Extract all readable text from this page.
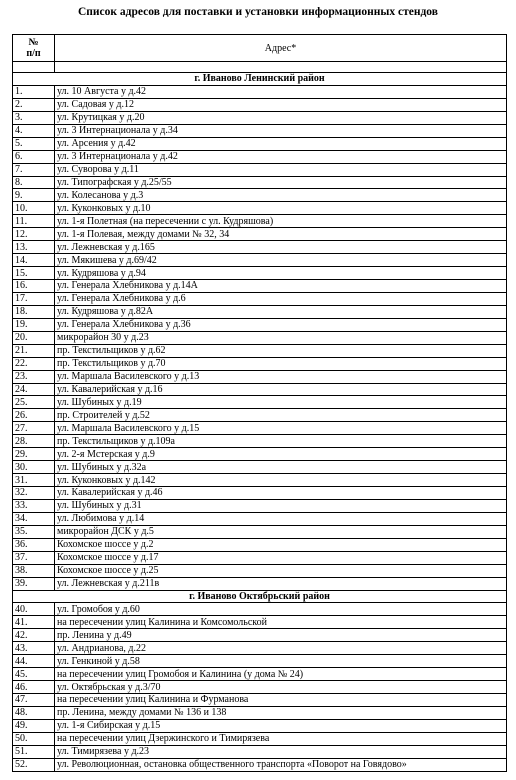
Список адресов для поставки и установки информационных стендов
№
п/п	Адрес*

г. Иваново Ленинский район	
1.	ул. 10 Августа у д.42
2.	ул. Садовая у д.12
3.	ул. Крутицкая у д.20
4.	ул. 3 Интернационала у д.34
5.	ул. Арсения у д.42
6.	ул. 3 Интернационала у д.42
7.	ул. Суворова у д.11
8.	ул. Типографская у д.25/55
9.	ул. Колесанова у д.3
10.	ул. Куконковых у д.10
11.	ул. 1-я Полетная (на пересечении с ул. Кудряшова)
12.	ул. 1-я Полевая, между домами № 32, 34
13.	ул. Лежневская у д.165
14.	ул. Мякишева у д.69/42
15.	ул. Кудряшова у д.94
16.	ул. Генерала Хлебникова у д.14А
17.	ул. Генерала Хлебникова у д.6
18.	ул. Кудряшова у д.82А
19.	ул. Генерала Хлебникова у д.36
20.	микрорайон 30 у д.23
21.	пр. Текстильщиков у д.62
22.	пр. Текстильщиков у д.70
23.	ул. Маршала Василевского у д.13
24.	ул. Кавалерийская у д.16
25.	ул. Шубиных у д.19
26.	пр. Строителей у д.52
27.	ул. Маршала Василевского у д.15
28.	пр. Текстильщиков у д.109а
29.	ул. 2-я Мстерская у д.9
30.	ул. Шубиных у д.32а
31.	ул. Куконковых у д.142
32.	ул. Кавалерийская у д.46
33.	ул. Шубиных у д.31
34.	ул. Любимова у д.14
35.	микрорайон ДСК у д.5
36.	Кохомское шоссе у д.2
37.	Кохомское шоссе у д.17
38.	Кохомское шоссе у д.25
39.	ул. Лежневская у д.211в
г. Иваново Октябрьский район	
40.	ул. Громобоя у д.60
41.	на пересечении улиц Калинина и Комсомольской
42.	пр. Ленина у д.49
43.	ул. Андрианова, д.22
44.	ул. Генкиной у д.58
45.	на пересечении улиц Громобоя и Калинина (у дома № 24)
46.	ул. Октябрьская у д.3/70
47.	на пересечении улиц Калинина и Фурманова
48.	пр. Ленина, между домами № 136 и 138
49.	ул. 1-я Сибирская у д.15
50.	на пересечении улиц Дзержинского и Тимирязева
51.	ул. Тимирязева у д.23
52.	ул. Революционная, остановка общественного транспорта «Поворот на Говядово»
